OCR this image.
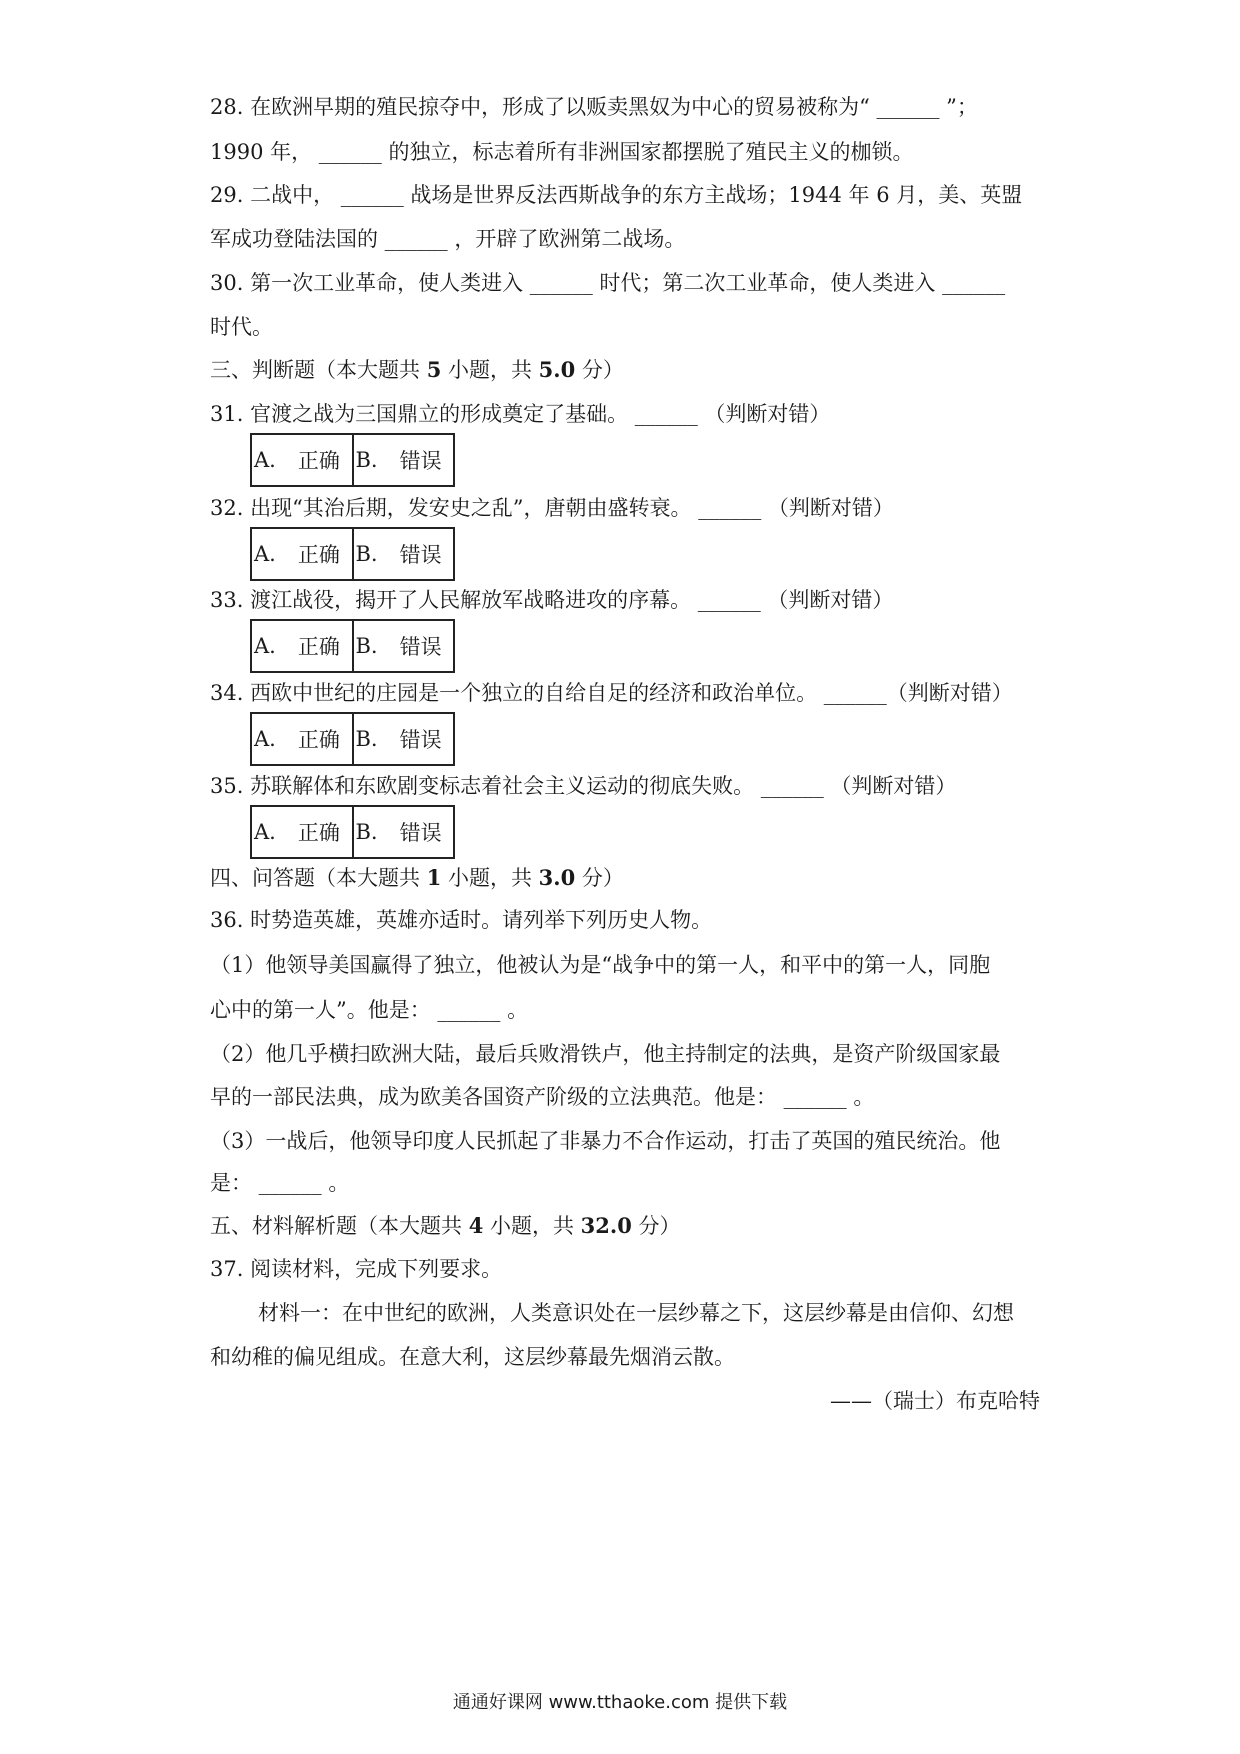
28. 在欧洲早期的殖民掠夺中，形成了以贩卖黑奴为中心的贸易被称为“ ______ ”；
1990 年， ______ 的独立，标志着所有非洲国家都摆脱了殖民主义的枷锁。
29. 二战中， ______ 战场是世界反法西斯战争的东方主战场；1944 年 6 月，美、英盟
军成功登陆法国的 ______ ，开辟了欧洲第二战场。
30. 第一次工业革命，使人类进入 ______ 时代；第二次工业革命，使人类进入 ______
时代。
三、判断题（本大题共 5 小题，共 5.0 分）
31. 官渡之战为三国鼎立的形成奠定了基础。 ______ （判断对错）
A. 正确 B. 错误
32. 出现“其治后期，发安史之乱”，唐朝由盛转衰。 ______ （判断对错）
A. 正确 B. 错误
33. 渡江战役，揭开了人民解放军战略进攻的序幕。 ______ （判断对错）
A. 正确 B. 错误
34. 西欧中世纪的庄园是一个独立的自给自足的经济和政治单位。 ______（判断对错）
A. 正确 B. 错误
35. 苏联解体和东欧剧变标志着社会主义运动的彻底失败。 ______ （判断对错）
A. 正确 B. 错误
四、问答题（本大题共 1 小题，共 3.0 分）
36. 时势造英雄，英雄亦适时。请列举下列历史人物。
（1）他领导美国赢得了独立，他被认为是“战争中的第一人，和平中的第一人，同胞
心中的第一人”。他是： ______ 。
（2）他几乎横扫欧洲大陆，最后兵败滑铁卢，他主持制定的法典，是资产阶级国家最
早的一部民法典，成为欧美各国资产阶级的立法典范。他是： ______ 。
（3）一战后，他领导印度人民抓起了非暴力不合作运动，打击了英国的殖民统治。他
是： ______ 。
五、材料解析题（本大题共 4 小题，共 32.0 分）
37. 阅读材料，完成下列要求。
材料一：在中世纪的欧洲，人类意识处在一层纱幕之下，这层纱幕是由信仰、幻想
和幼稚的偏见组成。在意大利，这层纱幕最先烟消云散。
——（瑞士）布克哈特
通通好课网 www.tthaoke.com 提供下载
